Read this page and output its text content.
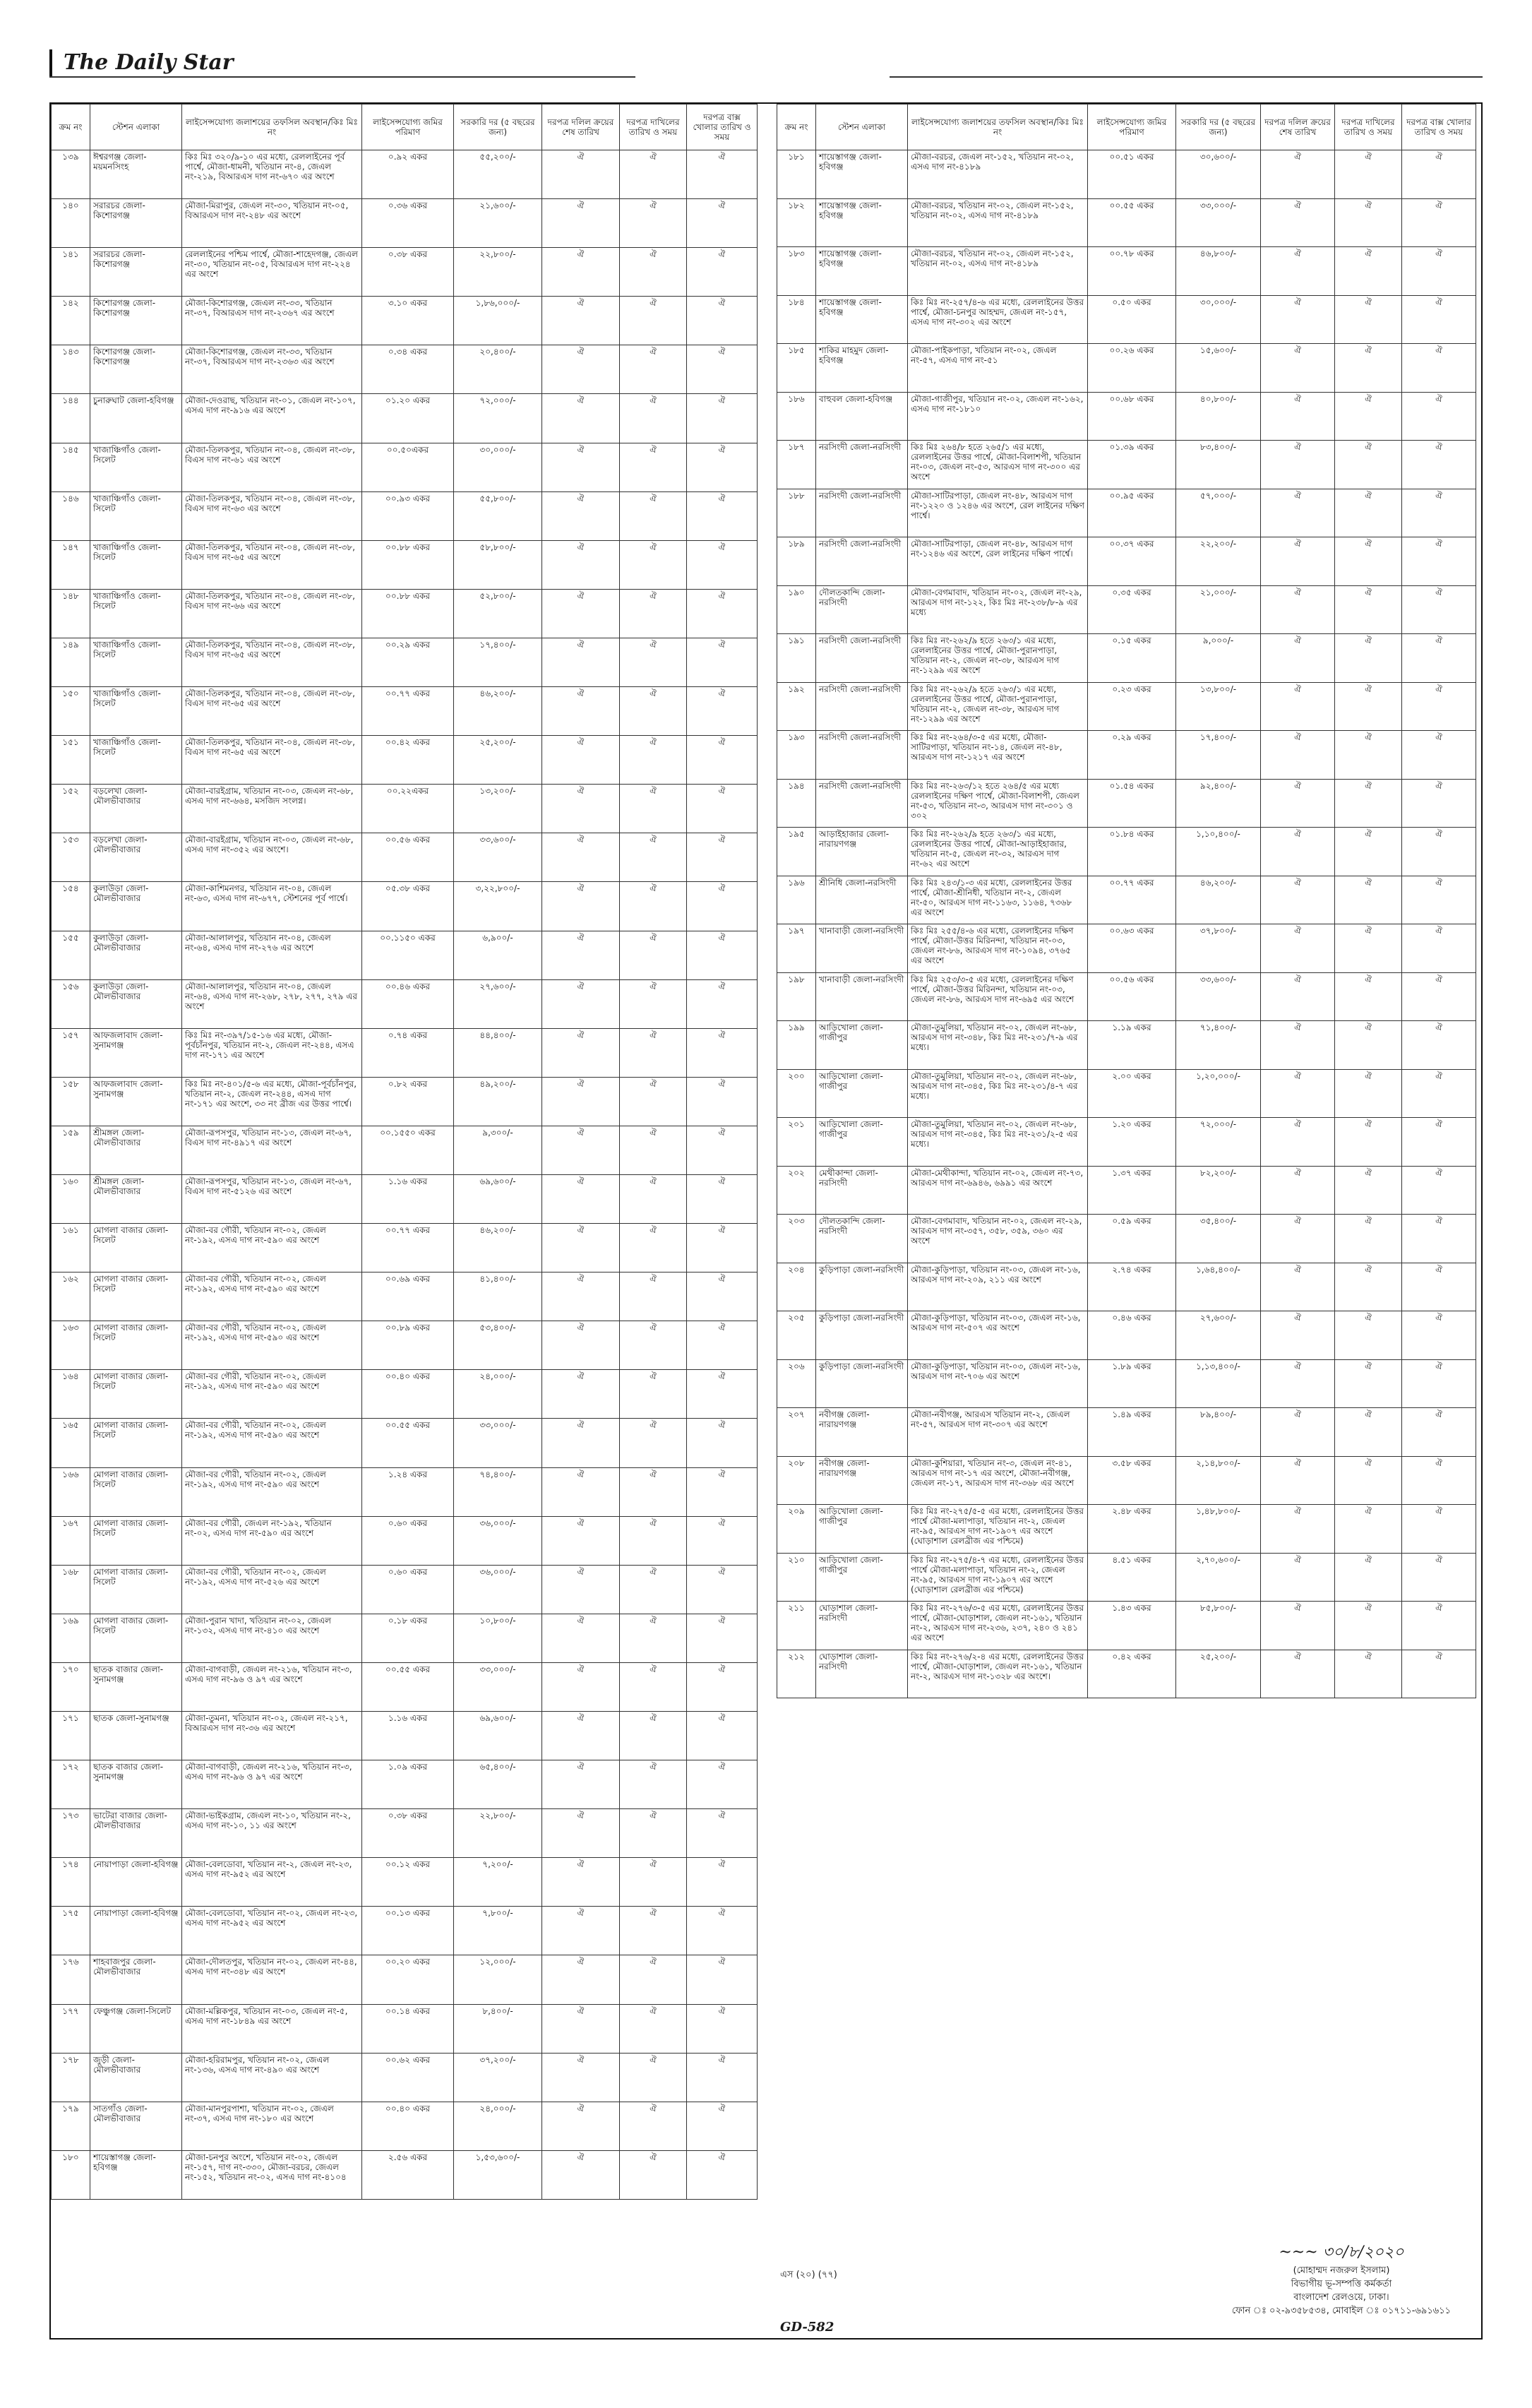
The Daily Star
ক্রম নং	স্টেশন এলাকা	লাইসেন্সযোগ্য জলাশয়ের তফসিল অবস্থান/কিঃ মিঃ নং	লাইসেন্সযোগ্য জমির পরিমাণ	সরকারি দর (৫ বছরের জন্য)	দরপত্র দলিল ক্রয়ের শেষ তারিখ	দরপত্র দাখিলের তারিখ ও সময়	দরপত্র বাক্স খোলার তারিখ ও সময়
১৩৯	ঈশ্বরগঞ্জ জেলা-ময়মনসিংহ	কিঃ মিঃ ৩২০/৯-১০ এর মধ্যে, রেললাইনের পূর্ব পার্শ্বে, মৌজা-ধামনী, খতিয়ান নং-৪, জেএল নং-২১৯, বিআরএস দাগ নং-৬৭০ এর অংশে	০.৯২ একর	৫৫,২০০/-	ঐ	ঐ	ঐ
১৪০	সরারচর জেলা-কিশোরগঞ্জ	মৌজা-মিরাপুর, জেএল নং-৩০, খতিয়ান নং-০৫, বিআরএস দাগ নং-২৪৮ এর অংশে	০.৩৬ একর	২১,৬০০/-	ঐ	ঐ	ঐ
১৪১	সরারচর জেলা-কিশোরগঞ্জ	রেললাইনের পশ্চিম পার্শ্বে, মৌজা-শাহেদগঞ্জ, জেএল নং-৩০, খতিয়ান নং-০৫, বিআরএস দাগ নং-২২৪ এর অংশে	০.৩৮ একর	২২,৮০০/-	ঐ	ঐ	ঐ
১৪২	কিশোরগঞ্জ জেলা-কিশোরগঞ্জ	মৌজা-কিশোরগঞ্জ, জেএল নং-৩৩, খতিয়ান নং-৩৭, বিআরএস দাগ নং-২৩৬৭ এর অংশে	৩.১০ একর	১,৮৬,০০০/-	ঐ	ঐ	ঐ
১৪৩	কিশোরগঞ্জ জেলা-কিশোরগঞ্জ	মৌজা-কিশোরগঞ্জ, জেএল নং-৩৩, খতিয়ান নং-৩৭, বিআরএস দাগ নং-২৩৬৩ এর অংশে	০.৩৪ একর	২০,৪০০/-	ঐ	ঐ	ঐ
১৪৪	চুনারুঘাট জেলা-হবিগঞ্জ	মৌজা-দেওরাছ, খতিয়ান নং-০১, জেএল নং-১০৭, এসএ দাগ নং-৯১৬ এর অংশে	০১.২০ একর	৭২,০০০/-	ঐ	ঐ	ঐ
১৪৫	খাজাঞ্চিগাঁও জেলা-সিলেট	মৌজা-তিলকপুর, খতিয়ান নং-০৪, জেএল নং-৩৮, বিএস দাগ নং-৬১ এর অংশে	০০.৫০একর	৩০,০০০/-	ঐ	ঐ	ঐ
১৪৬	খাজাঞ্চিগাঁও জেলা-সিলেট	মৌজা-তিলকপুর, খতিয়ান নং-০৪, জেএল নং-৩৮, বিএস দাগ নং-৬৩ এর অংশে	০০.৯৩ একর	৫৫,৮০০/-	ঐ	ঐ	ঐ
১৪৭	খাজাঞ্চিগাঁও জেলা-সিলেট	মৌজা-তিলকপুর, খতিয়ান নং-০৪, জেএল নং-৩৮, বিএস দাগ নং-৬৫ এর অংশে	০০.৮৮ একর	৫৮,৮০০/-	ঐ	ঐ	ঐ
১৪৮	খাজাঞ্চিগাঁও জেলা-সিলেট	মৌজা-তিলকপুর, খতিয়ান নং-০৪, জেএল নং-৩৮, বিএস দাগ নং-৬৬ এর অংশে	০০.৮৮ একর	৫২,৮০০/-	ঐ	ঐ	ঐ
১৪৯	খাজাঞ্চিগাঁও জেলা-সিলেট	মৌজা-তিলকপুর, খতিয়ান নং-০৪, জেএল নং-৩৮, বিএস দাগ নং-৬৫ এর অংশে	০০.২৯ একর	১৭,৪০০/-	ঐ	ঐ	ঐ
১৫০	খাজাঞ্চিগাঁও জেলা-সিলেট	মৌজা-তিলকপুর, খতিয়ান নং-০৪, জেএল নং-৩৮, বিএস দাগ নং-৬৫ এর অংশে	০০.৭৭ একর	৪৬,২০০/-	ঐ	ঐ	ঐ
১৫১	খাজাঞ্চিগাঁও জেলা-সিলেট	মৌজা-তিলকপুর, খতিয়ান নং-০৪, জেএল নং-৩৮, বিএস দাগ নং-৬৫ এর অংশে	০০.৪২ একর	২৫,২০০/-	ঐ	ঐ	ঐ
১৫২	বড়লেখা জেলা-মৌলভীবাজার	মৌজা-বারইগ্রাম, খতিয়ান নং-০৩, জেএল নং-৬৮, এসএ দাগ নং-৬৬৪, মসজিদ সংলগ্ন।	০০.২২একর	১৩,২০০/-	ঐ	ঐ	ঐ
১৫৩	বড়লেখা জেলা-মৌলভীবাজার	মৌজা-বারইগ্রাম, খতিয়ান নং-০৩, জেএল নং-৬৮, এসএ দাগ নং-৩৫২ এর অংশে।	০০.৫৬ একর	৩৩,৬০০/-	ঐ	ঐ	ঐ
১৫৪	কুলাউড়া জেলা-মৌলভীবাজার	মৌজা-কাশিমনগর, খতিয়ান নং-০৪, জেএল নং-৬৩, এসএ দাগ নং-৬৭৭, স্টেশনের পূর্ব পার্শ্বে।	০৫.৩৮ একর	৩,২২,৮০০/-	ঐ	ঐ	ঐ
১৫৫	কুলাউড়া জেলা-মৌলভীবাজার	মৌজা-আলালপুর, খতিয়ান নং-০৪, জেএল নং-৬৪, এসএ দাগ নং-২৭৬ এর অংশে	০০.১১৫০ একর	৬,৯০০/-	ঐ	ঐ	ঐ
১৫৬	কুলাউড়া জেলা-মৌলভীবাজার	মৌজা-আলালপুর, খতিয়ান নং-০৪, জেএল নং-৬৪, এসএ দাগ নং-২৬৮, ২৭৮, ২৭৭, ২৭৯ এর অংশে	০০.৪৬ একর	২৭,৬০০/-	ঐ	ঐ	ঐ
১৫৭	আফজলাবাদ জেলা-সুনামগঞ্জ	কিঃ মিঃ নং-৩৯৭/১৫-১৬ এর মধ্যে, মৌজা-পূর্বচাঁনপুর, খতিয়ান নং-২, জেএল নং-২৪৪, এসএ দাগ নং-১৭১ এর অংশে	০.৭৪ একর	৪৪,৪০০/-	ঐ	ঐ	ঐ
১৫৮	আফজলাবাদ জেলা-সুনামগঞ্জ	কিঃ মিঃ নং-৪০১/৫-৬ এর মধ্যে, মৌজা-পূর্বচাঁনপুর, খতিয়ান নং-২, জেএল নং-২৪৪, এসএ দাগ নং-১৭১ এর অংশে, ৩৩ নং ব্রীজ এর উত্তর পার্শ্বে।	০.৮২ একর	৪৯,২০০/-	ঐ	ঐ	ঐ
১৫৯	শ্রীমঙ্গল জেলা-মৌলভীবাজার	মৌজা-রূপসপুর, খতিয়ান নং-১৩, জেএল নং-৬৭, বিএস দাগ নং-৪৯১৭ এর অংশে	০০.১৫৫০ একর	৯,৩০০/-	ঐ	ঐ	ঐ
১৬০	শ্রীমঙ্গল জেলা-মৌলভীবাজার	মৌজা-রূপসপুর, খতিয়ান নং-১৩, জেএল নং-৬৭, বিএস দাগ নং-৫১২৬ এর অংশে	১.১৬ একর	৬৯,৬০০/-	ঐ	ঐ	ঐ
১৬১	মোগলা বাজার জেলা-সিলেট	মৌজা-বর গৌরী, খতিয়ান নং-০২, জেএল নং-১৯২, এসএ দাগ নং-৫৯০ এর অংশে	০০.৭৭ একর	৪৬,২০০/-	ঐ	ঐ	ঐ
১৬২	মোগলা বাজার জেলা-সিলেট	মৌজা-বর গৌরী, খতিয়ান নং-০২, জেএল নং-১৯২, এসএ দাগ নং-৫৯০ এর অংশে	০০.৬৯ একর	৪১,৪০০/-	ঐ	ঐ	ঐ
১৬৩	মোগলা বাজার জেলা-সিলেট	মৌজা-বর গৌরী, খতিয়ান নং-০২, জেএল নং-১৯২, এসএ দাগ নং-৫৯০ এর অংশে	০০.৮৯ একর	৫৩,৪০০/-	ঐ	ঐ	ঐ
১৬৪	মোগলা বাজার জেলা-সিলেট	মৌজা-বর গৌরী, খতিয়ান নং-০২, জেএল নং-১৯২, এসএ দাগ নং-৫৯০ এর অংশে	০০.৪০ একর	২৪,০০০/-	ঐ	ঐ	ঐ
১৬৫	মোগলা বাজার জেলা-সিলেট	মৌজা-বর গৌরী, খতিয়ান নং-০২, জেএল নং-১৯২, এসএ দাগ নং-৫৯০ এর অংশে	০০.৫৫ একর	৩৩,০০০/-	ঐ	ঐ	ঐ
১৬৬	মোগলা বাজার জেলা-সিলেট	মৌজা-বর গৌরী, খতিয়ান নং-০২, জেএল নং-১৯২, এসএ দাগ নং-৫৯০ এর অংশে	১.২৪ একর	৭৪,৪০০/-	ঐ	ঐ	ঐ
১৬৭	মোগলা বাজার জেলা-সিলেট	মৌজা-বর গৌরী, জেএল নং-১৯২, খতিয়ান নং-০২, এসএ দাগ নং-৫৯০ এর অংশে	০.৬০ একর	৩৬,০০০/-	ঐ	ঐ	ঐ
১৬৮	মোগলা বাজার জেলা-সিলেট	মৌজা-বর গৌরী, খতিয়ান নং-০২, জেএল নং-১৯২, এসএ দাগ নং-৫২৬ এর অংশে	০.৬০ একর	৩৬,০০০/-	ঐ	ঐ	ঐ
১৬৯	মোগলা বাজার জেলা-সিলেট	মৌজা-পুরান খাদা, খতিয়ান নং-০২, জেএল নং-১৩২, এসএ দাগ নং-৪১০ এর অংশে	০.১৮ একর	১০,৮০০/-	ঐ	ঐ	ঐ
১৭০	ছাতক বাজার জেলা-সুনামগঞ্জ	মৌজা-বাগবাড়ী, জেএল নং-২১৬, খতিয়ান নং-৩, এসএ দাগ নং-৯৬ ও ৯৭ এর অংশে	০০.৫৫ একর	৩৩,০০০/-	ঐ	ঐ	ঐ
১৭১	ছাতক জেলা-সুনামগঞ্জ	মৌজা-তুমনা, খতিয়ান নং-০২, জেএল নং-২১৭, বিআরএস দাগ নং-৩৬ এর অংশে	১.১৬ একর	৬৯,৬০০/-	ঐ	ঐ	ঐ
১৭২	ছাতক বাজার জেলা-সুনামগঞ্জ	মৌজা-বাগবাড়ী, জেএল নং-২১৬, খতিয়ান নং-৩, এসএ দাগ নং-৯৬ ও ৯৭ এর অংশে	১.০৯ একর	৬৫,৪০০/-	ঐ	ঐ	ঐ
১৭৩	ভাটেরা বাজার জেলা-মৌলভীবাজার	মৌজা-ভাইকগ্রাম, জেএল নং-১০, খতিয়ান নং-২, এসএ দাগ নং-১০, ১১ এর অংশে	০.৩৮ একর	২২,৮০০/-	ঐ	ঐ	ঐ
১৭৪	নোয়াপাড়া জেলা-হবিগঞ্জ	মৌজা-বেলডোবা, খতিয়ান নং-২, জেএল নং-২৩, এসএ দাগ নং-৯৫২ এর অংশে	০০.১২ একর	৭,২০০/-	ঐ	ঐ	ঐ
১৭৫	নোয়াপাড়া জেলা-হবিগঞ্জ	মৌজা-বেলডোবা, খতিয়ান নং-০২, জেএল নং-২৩, এসএ দাগ নং-৯৫২ এর অংশে	০০.১৩ একর	৭,৮০০/-	ঐ	ঐ	ঐ
১৭৬	শাহবাজপুর জেলা-মৌলভীবাজার	মৌজা-দৌলতপুর, খতিয়ান নং-০২, জেএল নং-৪৪, এসএ দাগ নং-৩৪৮ এর অংশে	০০.২০ একর	১২,০০০/-	ঐ	ঐ	ঐ
১৭৭	ফেঞ্চুগঞ্জ জেলা-সিলেট	মৌজা-মল্লিকপুর, খতিয়ান নং-০৩, জেএল নং-৫, এসএ দাগ নং-১৮৪৯ এর অংশে	০০.১৪ একর	৮,৪০০/-	ঐ	ঐ	ঐ
১৭৮	জুড়ী জেলা-মৌলভীবাজার	মৌজা-হরিরামপুর, খতিয়ান নং-০২, জেএল নং-১৩৬, এসএ দাগ নং-৪৯০ এর অংশে	০০.৬২ একর	৩৭,২০০/-	ঐ	ঐ	ঐ
১৭৯	সাতগাঁও জেলা-মৌলভীবাজার	মৌজা-মানপুরপাশা, খতিয়ান নং-০২, জেএল নং-৩৭, এসএ দাগ নং-১৮০ এর অংশে	০০.৪০ একর	২৪,০০০/-	ঐ	ঐ	ঐ
১৮০	শায়েস্তাগঞ্জ জেলা-হবিগঞ্জ	মৌজা-চনপুর অংশে, খতিয়ান নং-০২, জেএল নং-১৫৭, দাগ নং-৩৩০, মৌজা-বরচর, জেএল নং-১৫২, খতিয়ান নং-০২, এসএ দাগ নং-৪১০৪	২.৫৬ একর	১,৫৩,৬০০/-	ঐ	ঐ	ঐ
ক্রম নং	স্টেশন এলাকা	লাইসেন্সযোগ্য জলাশয়ের তফসিল অবস্থান/কিঃ মিঃ নং	লাইসেন্সযোগ্য জমির পরিমাণ	সরকারি দর (৫ বছরের জন্য)	দরপত্র দলিল ক্রয়ের শেষ তারিখ	দরপত্র দাখিলের তারিখ ও সময়	দরপত্র বাক্স খোলার তারিখ ও সময়
১৮১	শায়েস্তাগঞ্জ জেলা-হবিগঞ্জ	মৌজা-বরচর, জেএল নং-১৫২, খতিয়ান নং-০২, এসএ দাগ নং-৪১৮৯	০০.৫১ একর	৩০,৬০০/-	ঐ	ঐ	ঐ
১৮২	শায়েস্তাগঞ্জ জেলা-হবিগঞ্জ	মৌজা-বরচর, খতিয়ান নং-০২, জেএল নং-১৫২, খতিয়ান নং-০২, এসএ দাগ নং-৪১৮৯	০০.৫৫ একর	৩৩,০০০/-	ঐ	ঐ	ঐ
১৮৩	শায়েস্তাগঞ্জ জেলা-হবিগঞ্জ	মৌজা-বরচর, খতিয়ান নং-০২, জেএল নং-১৫২, খতিয়ান নং-০২, এসএ দাগ নং-৪১৮৯	০০.৭৮ একর	৪৬,৮০০/-	ঐ	ঐ	ঐ
১৮৪	শায়েস্তাগঞ্জ জেলা-হবিগঞ্জ	কিঃ মিঃ নং-২৫৭/৪-৬ এর মধ্যে, রেললাইনের উত্তর পার্শ্বে, মৌজা-চনপুর আহম্মদ, জেএল নং-১৫৭, এসএ দাগ নং-৩০২ এর অংশে	০.৫০ একর	৩০,০০০/-	ঐ	ঐ	ঐ
১৮৫	শাকির মাহমুদ জেলা-হবিগঞ্জ	মৌজা-পাইকপাড়া, খতিয়ান নং-০২, জেএল নং-৫৭, এসএ দাগ নং-৫১	০০.২৬ একর	১৫,৬০০/-	ঐ	ঐ	ঐ
১৮৬	বাহুবল জেলা-হবিগঞ্জ	মৌজা-গাজীপুর, খতিয়ান নং-০২, জেএল নং-১৬২, এসএ দাগ নং-১৮১০	০০.৬৮ একর	৪০,৮০০/-	ঐ	ঐ	ঐ
১৮৭	নরসিংদী জেলা-নরসিংদী	কিঃ মিঃ ২৬৪/৮ হতে ২৬৫/১ এর মধ্যে, রেললাইনের উত্তর পার্শ্বে, মৌজা-বিলাশপী, খতিয়ান নং-০৩, জেএল নং-৫৩, আরএস দাগ নং-৩০০ এর অংশে	০১.৩৯ একর	৮৩,৪০০/-	ঐ	ঐ	ঐ
১৮৮	নরসিংদী জেলা-নরসিংদী	মৌজা-সাটিরপাড়া, জেএল নং-৪৮, আরএস দাগ নং-১২২০ ও ১২৪৬ এর অংশে, রেল লাইনের দক্ষিণ পার্শ্বে।	০০.৯৫ একর	৫৭,০০০/-	ঐ	ঐ	ঐ
১৮৯	নরসিংদী জেলা-নরসিংদী	মৌজা-সাটিরপাড়া, জেএল নং-৪৮, আরএস দাগ নং-১২৪৬ এর অংশে, রেল লাইনের দক্ষিণ পার্শ্বে।	০০.৩৭ একর	২২,২০০/-	ঐ	ঐ	ঐ
১৯০	দৌলতকান্দি জেলা-নরসিংদী	মৌজা-বেগমাবাদ, খতিয়ান নং-০২, জেএল নং-২৯, আরএস দাগ নং-১২২, কিঃ মিঃ নং-২৩৮/৮-৯ এর মধ্যে	০.৩৫ একর	২১,০০০/-	ঐ	ঐ	ঐ
১৯১	নরসিংদী জেলা-নরসিংদী	কিঃ মিঃ নং-২৬২/৯ হতে ২৬৩/১ এর মধ্যে, রেললাইনের উত্তর পার্শ্বে, মৌজা-পুরানপাড়া, খতিয়ান নং-২, জেএল নং-৩৮, আরএস দাগ নং-১২৯৯ এর অংশে	০.১৫ একর	৯,০০০/-	ঐ	ঐ	ঐ
১৯২	নরসিংদী জেলা-নরসিংদী	কিঃ মিঃ নং-২৬২/৯ হতে ২৬৩/১ এর মধ্যে, রেললাইনের উত্তর পার্শ্বে, মৌজা-পুরানপাড়া, খতিয়ান নং-২, জেএল নং-৩৮, আরএস দাগ নং-১২৯৯ এর অংশে	০.২৩ একর	১৩,৮০০/-	ঐ	ঐ	ঐ
১৯৩	নরসিংদী জেলা-নরসিংদী	কিঃ মিঃ নং-২৬৪/৩-৫ এর মধ্যে, মৌজা-সাটিরপাড়া, খতিয়ান নং-১৪, জেএল নং-৪৮, আরএস দাগ নং-১২১৭ এর অংশে	০.২৯ একর	১৭,৪০০/-	ঐ	ঐ	ঐ
১৯৪	নরসিংদী জেলা-নরসিংদী	কিঃ মিঃ নং-২৬৩/১২ হতে ২৬৪/৫ এর মধ্যে রেললাইনের দক্ষিণ পার্শ্বে, মৌজা-বিলাশপী, জেএল নং-৫৩, খতিয়ান নং-৩, আরএস দাগ নং-৩০১ ও ৩০২	০১.৫৪ একর	৯২,৪০০/-	ঐ	ঐ	ঐ
১৯৫	আড়াইহাজার জেলা-নারায়ণগঞ্জ	কিঃ মিঃ নং-২৬২/৯ হতে ২৬৩/১ এর মধ্যে, রেললাইনের উত্তর পার্শ্বে, মৌজা-আড়াইহাজার, খতিয়ান নং-৫, জেএল নং-৩২, আরএস দাগ নং-৬২ এর অংশে	০১.৮৪ একর	১,১০,৪০০/-	ঐ	ঐ	ঐ
১৯৬	শ্রীনিধি জেলা-নরসিংদী	কিঃ মিঃ ২৪৩/১-৩ এর মধ্যে, রেললাইনের উত্তর পার্শ্বে, মৌজা-শ্রীনিধী, খতিয়ান নং-২, জেএল নং-৫০, আরএস দাগ নং-১১৬৩, ১১৬৪, ৭৩৬৮ এর অংশে	০০.৭৭ একর	৪৬,২০০/-	ঐ	ঐ	ঐ
১৯৭	খানাবাড়ী জেলা-নরসিংদী	কিঃ মিঃ ২৫৫/৪-৬ এর মধ্যে, রেললাইনের দক্ষিণ পার্শ্বে, মৌজা-উত্তর মিরিনন্দা, খতিয়ান নং-০৩, জেএল নং-৮৬, আরএস দাগ নং-১০৯৪, ৩৭৬৫ এর অংশে	০০.৬৩ একর	৩৭,৮০০/-	ঐ	ঐ	ঐ
১৯৮	খানাবাড়ী জেলা-নরসিংদী	কিঃ মিঃ ২৫৩/৩-৫ এর মধ্যে, রেললাইনের দক্ষিণ পার্শ্বে, মৌজা-উত্তর মিরিনন্দা, খতিয়ান নং-০৩, জেএল নং-৮৬, আরএস দাগ নং-৬৯৫ এর অংশে	০০.৫৬ একর	৩৩,৬০০/-	ঐ	ঐ	ঐ
১৯৯	আড়িখোলা জেলা-গাজীপুর	মৌজা-তুমুলিয়া, খতিয়ান নং-০২, জেএল নং-৬৮, আরএস দাগ নং-৩৪৮, কিঃ মিঃ নং-২৩১/৭-৯ এর মধ্যে।	১.১৯ একর	৭১,৪০০/-	ঐ	ঐ	ঐ
২০০	আড়িখোলা জেলা-গাজীপুর	মৌজা-তুমুলিয়া, খতিয়ান নং-০২, জেএল নং-৬৮, আরএস দাগ নং-৩৪৫, কিঃ মিঃ নং-২৩১/৪-৭ এর মধ্যে।	২.০০ একর	১,২০,০০০/-	ঐ	ঐ	ঐ
২০১	আড়িখোলা জেলা-গাজীপুর	মৌজা-তুমুলিয়া, খতিয়ান নং-০২, জেএল নং-৬৮, আরএস দাগ নং-৩৪৫, কিঃ মিঃ নং-২৩১/২-৫ এর মধ্যে।	১.২০ একর	৭২,০০০/-	ঐ	ঐ	ঐ
২০২	মেথীকান্দা জেলা-নরসিংদী	মৌজা-মেথীকান্দা, খতিয়ান নং-০২, জেএল নং-৭৩, আরএস দাগ নং-৬৯৪৬, ৬৯৯১ এর অংশে	১.৩৭ একর	৮২,২০০/-	ঐ	ঐ	ঐ
২০৩	দৌলতকান্দি জেলা-নরসিংদী	মৌজা-বেগমাবাদ, খতিয়ান নং-০২, জেএল নং-২৯, আরএস দাগ নং-৩৫৭, ৩৫৮, ৩৫৯, ৩৬০ এর অংশে	০.৫৯ একর	৩৫,৪০০/-	ঐ	ঐ	ঐ
২০৪	কুড়িপাড়া জেলা-নরসিংদী	মৌজা-কুড়িপাড়া, খতিয়ান নং-০৩, জেএল নং-১৬, আরএস দাগ নং-২০৯, ২১১ এর অংশে	২.৭৪ একর	১,৬৪,৪০০/-	ঐ	ঐ	ঐ
২০৫	কুড়িপাড়া জেলা-নরসিংদী	মৌজা-কুড়িপাড়া, খতিয়ান নং-০৩, জেএল নং-১৬, আরএস দাগ নং-৫০৭ এর অংশে	০.৪৬ একর	২৭,৬০০/-	ঐ	ঐ	ঐ
২০৬	কুড়িপাড়া জেলা-নরসিংদী	মৌজা-কুড়িপাড়া, খতিয়ান নং-০৩, জেএল নং-১৬, আরএস দাগ নং-৭০৬ এর অংশে	১.৮৯ একর	১,১৩,৪০০/-	ঐ	ঐ	ঐ
২০৭	নবীগঞ্জ জেলা-নারায়ণগঞ্জ	মৌজা-নবীগঞ্জ, আরএস খতিয়ান নং-২, জেএল নং-৫৭, আরএস দাগ নং-৩০৭ এর অংশে	১.৪৯ একর	৮৯,৪০০/-	ঐ	ঐ	ঐ
২০৮	নবীগঞ্জ জেলা-নারায়ণগঞ্জ	মৌজা-কুশিয়ারা, খতিয়ান নং-৩, জেএল নং-৪১, আরএস দাগ নং-১৭ এর অংশে, মৌজা-নবীগঞ্জ, জেএল নং-১৭, আরএস দাগ নং-৩৬৮ এর অংশে	৩.৫৮ একর	২,১৪,৮০০/-	ঐ	ঐ	ঐ
২০৯	আড়িখোলা জেলা-গাজীপুর	কিঃ মিঃ নং-২৭৫/৫-৫ এর মধ্যে, রেললাইনের উত্তর পার্শ্বে মৌজা-মলাপাড়া, খতিয়ান নং-২, জেএল নং-৯৫, আরএস দাগ নং-১৯০৭ এর অংশে (ঘোড়াশাল রেলব্রীজ এর পশ্চিমে)	২.৪৮ একর	১,৪৮,৮০০/-	ঐ	ঐ	ঐ
২১০	আড়িখোলা জেলা-গাজীপুর	কিঃ মিঃ নং-২৭৫/৪-৭ এর মধ্যে, রেললাইনের উত্তর পার্শ্বে মৌজা-মলাপাড়া, খতিয়ান নং-২, জেএল নং-৯৫, আরএস দাগ নং-১৯০৭ এর অংশে (ঘোড়াশাল রেলব্রীজ এর পশ্চিমে)	৪.৫১ একর	২,৭০,৬০০/-	ঐ	ঐ	ঐ
২১১	ঘোড়াশাল জেলা-নরসিংদী	কিঃ মিঃ নং-২৭৬/৩-৫ এর মধ্যে, রেললাইনের উত্তর পার্শ্বে, মৌজা-ঘোড়াশাল, জেএল নং-১৬১, খতিয়ান নং-২, আরএস দাগ নং-২৩৬, ২৩৭, ২৪০ ও ২৪১ এর অংশে	১.৪৩ একর	৮৫,৮০০/-	ঐ	ঐ	ঐ
২১২	ঘোড়াশাল জেলা-নরসিংদী	কিঃ মিঃ নং-২৭৬/২-৪ এর মধ্যে, রেললাইনের উত্তর পার্শ্বে, মৌজা-ঘোড়াশাল, জেএল নং-১৬১, খতিয়ান নং-২, আরএস দাগ নং-১৩২৮ এর অংশে।	০.৪২ একর	২৫,২০০/-	ঐ	ঐ	ঐ
এস (২০) (৭৭)
GD-582
~~~ ৩০/৮/২০২০
(মোহাম্মদ নজরুল ইসলাম)
বিভাগীয় ভূ-সম্পত্তি কর্মকর্তা
বাংলাদেশ রেলওয়ে, ঢাকা।
ফোন ঃ ০২-৯৩৫৮৫৩৪, মোবাইল ঃ ০১৭১১-৬৯১৬১১
